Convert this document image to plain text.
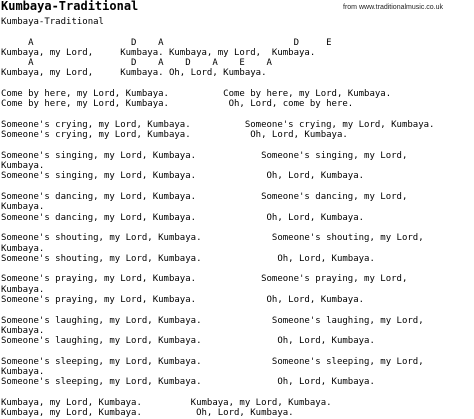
Kumbaya-Traditional	from www.traditionalmusic.co.uk
Kumbaya-Traditional
A                  D    A                        D     E
Kumbaya, my Lord,     Kumbaya. Kumbaya, my Lord,  Kumbaya.
A                  D    A    D    A    E    A
Kumbaya, my Lord,     Kumbaya. Oh, Lord, Kumbaya.
Come by here, my Lord, Kumbaya.          Come by here, my Lord, Kumbaya.
Come by here, my Lord, Kumbaya.           Oh, Lord, come by here.
Someone's crying, my Lord, Kumbaya.          Someone's crying, my Lord, Kumbaya.
Someone's crying, my Lord, Kumbaya.           Oh, Lord, Kumbaya.
Someone's singing, my Lord, Kumbaya.            Someone's singing, my Lord,
Kumbaya.
Someone's singing, my Lord, Kumbaya.             Oh, Lord, Kumbaya.
Someone's dancing, my Lord, Kumbaya.            Someone's dancing, my Lord,
Kumbaya.
Someone's dancing, my Lord, Kumbaya.             Oh, Lord, Kumbaya.
Someone's shouting, my Lord, Kumbaya.             Someone's shouting, my Lord,
Kumbaya.
Someone's shouting, my Lord, Kumbaya.              Oh, Lord, Kumbaya.
Someone's praying, my Lord, Kumbaya.            Someone's praying, my Lord,
Kumbaya.
Someone's praying, my Lord, Kumbaya.             Oh, Lord, Kumbaya.
Someone's laughing, my Lord, Kumbaya.             Someone's laughing, my Lord,
Kumbaya.
Someone's laughing, my Lord, Kumbaya.              Oh, Lord, Kumbaya.
Someone's sleeping, my Lord, Kumbaya.             Someone's sleeping, my Lord,
Kumbaya.
Someone's sleeping, my Lord, Kumbaya.              Oh, Lord, Kumbaya.
Kumbaya, my Lord, Kumbaya.         Kumbaya, my Lord, Kumbaya.
Kumbaya, my Lord, Kumbaya.          Oh, Lord, Kumbaya.
